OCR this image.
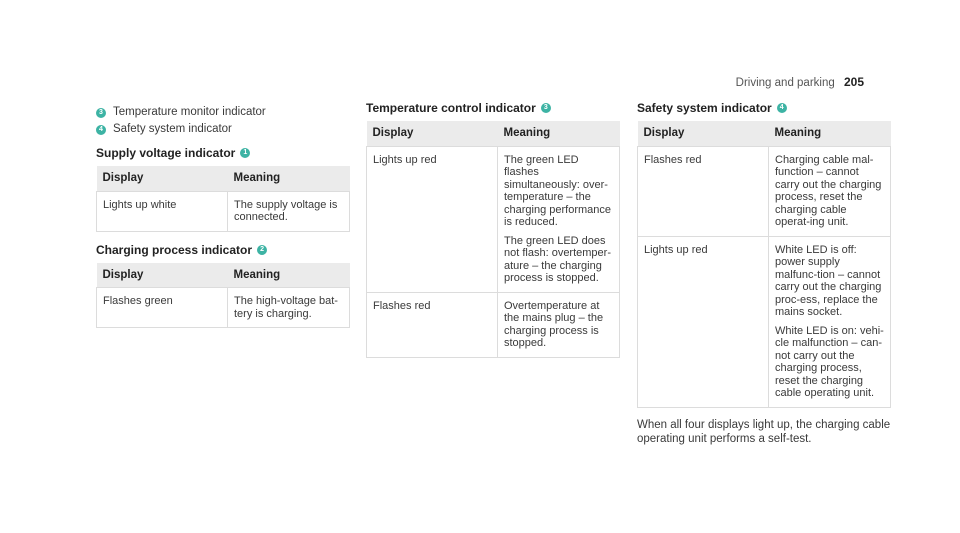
Driving and parking 205
3 Temperature monitor indicator
4 Safety system indicator
Supply voltage indicator	1
Display	Meaning
Lights up white	The supply voltage is connected.
Charging process indicator	2
Display	Meaning
Flashes green	The high-voltage bat-tery is charging.
Temperature control indicator	3
Display	Meaning
Lights up red	The green LED flashes simultaneously: over-temperature – the charging performance is reduced.
The green LED does not flash: overtemper-ature – the charging process is stopped.

Flashes red	Overtemperature at the mains plug – the charging process is stopped.
Safety system indicator	4
Display	Meaning
Flashes red	Charging cable mal-function – cannot carry out the charging process, reset the charging cable operat-ing unit.

Lights up red	White LED is off: power supply malfunc-tion – cannot carry out the charging proc-ess, replace the mains socket.
White LED is on: vehi-cle malfunction – can-not carry out the charging process, reset the charging cable operating unit.
When all four displays light up, the charging cable operating unit performs a self-test.
